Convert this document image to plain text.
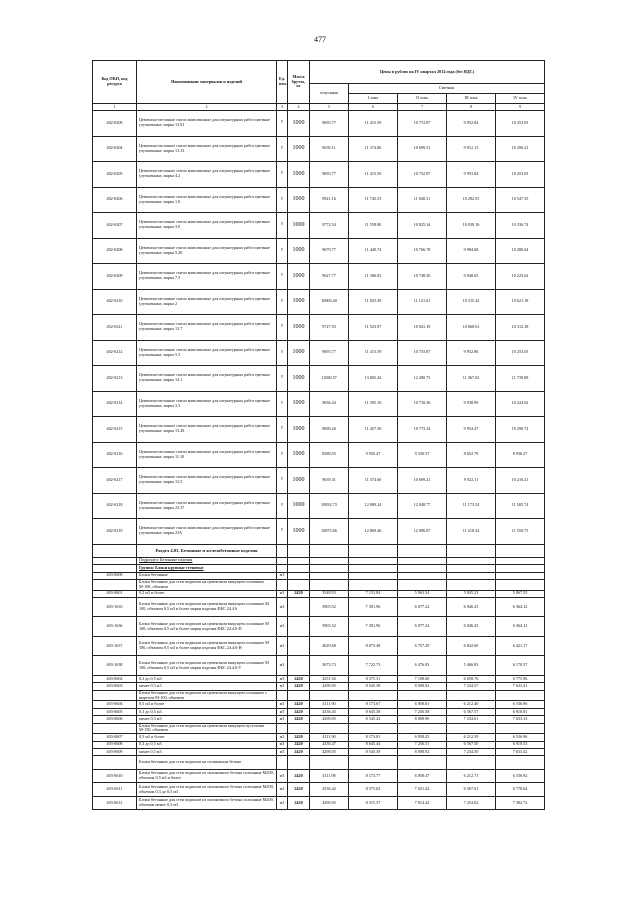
477
Код ОКП, код ресурса	Наименование материалов и изделий	Ед. изм.	Масса брутто, кг	Цены в рублях на IV квартал 2014 года (без НДС)				
				отпускная	Сметная			
					I зона	II зона	III зона	IV зона
1	2	3	4	5	6	7	8	9
402-0200	Цементно-песчаные смеси комплексные для штукатурных работ цветные улучшенные, марка 13.81	т	1000	9693.77	11 415.59	10 772.87	9 952.84	10 253.03
402-0204	Цементно-песчаные смеси комплексные для штукатурных работ цветные улучшенные, марка 13.33	т	1000	9639.11	11 374.86	10 699.51	9 912.13	10 206.21
402-0205	Цементно-песчаные смеси комплексные для штукатурных работ цветные улучшенные, марка 4.2	т	1000	9693.77	11 415.59	10 752.87	9 953.84	10 253.03
402-0206	Цементно-песчаные смеси комплексные для штукатурных работ цветные улучшенные, марка 1.0	т	1000	9921.16	11 745.53	11 040.31	10 282.91	10 547.35
402-0207	Цементно-песчаные смеси комплексные для штукатурных работ цветные улучшенные, марка 3.0	т	1000	9772.54	11 558.80	10 825.34	10 039.16	10 336.74
402-0208	Цементно-песчаные смеси комплексные для штукатурных работ цветные улучшенные, марка 5.20	т	1000	9679.77	11 440.74	10 766.78	9 984.68	10 280.64
402-0209	Цементно-песчаные смеси комплексные для штукатурных работ цветные улучшенные, марка 7.5	т	1000	9627.77	11 386.83	10 748.50	9 948.65	10 225.62
402-0210	Цементно-песчаные смеси комплексные для штукатурных работ цветные улучшенные, марка 2	т	1000	10000.40	11 825.49	11 121.61	10 315.42	10 621.18
402-0211	Цементно-песчаные смеси комплексные для штукатурных работ цветные улучшенные, марка 13.7	т	1000	9727.93	11 523.97	10 841.19	10 068.61	10 312.18
402-0212	Цементно-песчаные смеси комплексные для штукатурных работ цветные улучшенные, марка 5.3	т	1000	9693.77	11 415.59	10 753.87	9 952.86	10 253.03
402-0213	Цементно-песчаные смеси комплексные для штукатурных работ цветные улучшенные, марка 14.1	т	1000	11080.57	13 065.42	12 280.75	11 367.02	11 739.08
402-0214	Цементно-песчаные смеси комплексные для штукатурных работ цветные улучшенные, марка 3.3	т	1000	9636.44	11 395.10	10 718.36	9 938.99	10 224.62
402-0215	Цементно-песчаные смеси комплексные для штукатурных работ цветные улучшенные, марка 13.28	т	1000	9690.26	11 457.56	10 773.34	9 954.47	10 290.72
402-0216	Цементно-песчаные смеси комплексные для штукатурных работ цветные улучшенные, марка 11.10	т	1000	8388.55	9 935.47	9 330.57	8 652.79	8 936.27
402-0217	Цементно-песчаные смеси комплексные для штукатурных работ цветные улучшенные, марка 13.5	т	1000	9639.31	11 374.60	10 699.21	9 922.11	10 216.21
402-0218	Цементно-песчаные смеси комплексные для штукатурных работ цветные улучшенные, марка 23.37	т	1000	10832.73	12 809.24	12 048.77	11 173.54	11 505.74
402-0219	Цементно-песчаные смеси комплексные для штукатурных работ цветные улучшенные, марка 23А	т	1000	10873.66	12 869.46	12 096.87	11 218.34	11 550.75
	Раздел 4.03. Бетонные и железобетонные изделия							
	Подраздел: Бетонные изделия							
	Группа: Блоки крупные стеновые							
403-0600	Блоки бетонные	м3						
	Блоки бетонные для стен подвалов на цементном вяжущем сплошные М-100, объемом							
403-0601	0,5 м3 и более	м3	2420	3548.93	7 131.84	5 963.54	5 845.23	5 867.55
403-1635	Блоки бетонные для стен подвалов на цементном вяжущем сплошные М 100, объемом 0,5 м3 и более марки изделия ФБС 24.4.6	м3		3903.52	7 391.96	6 077.22	6 046.25	6 364.12
403-1636	Блоки бетонные для стен подвалов на цементном вяжущем сплошные М 100, объемом 0,5 м3 и более марки изделия ФБС 24.4.6-П	м3		3903.52	7 391.96	6 077.22	6 046.25	6 364.12
403-1637	Блоки бетонные для стен подвалов на цементном вяжущем сплошные М 100, объемом 0,5 м3 и более марки изделия ФБС 24.4.6-Н	м3		4029.68	8 073.48	6 757.29	6 842.60	6 421.17
403-1638	Блоки бетонные для стен подвалов на цементном вяжущем сплошные М 100, объемом 0,5 м3 и более марки изделия ФБС 24.4.6-Т	м3		3673.73	7 722.73	6 476.93	5 466.83	6 170.37
403-0602	0,3 до 0,5 м3	м3	2420	4251.92	8 375.31	7 108.60	6 658.76	6 775.96
403-0603	менее 0,3 м3	м3	2420	4290.05	8 545.38	8 008.92	7 234.57	7 633.41
	Блоки бетонные для стен подвалов на цементном вяжущем сплошные с вырезом М-100, объемом							
403-0604	0,5 м3 и более	м3	2420	4111.90	8 173.67	6 858.61	6 212.40	6 536.96
403-0605	0,3 до 0,5 м3	м3	2420	4336.45	8 645.38	7 256.58	6 567.57	6 910.81
403-0606	менее 0,3 м3	м3	2420	4290.05	8 545.42	8 008.90	7 234.61	7 633.33
	Блоки бетонные для стен подвалов на цементном вяжущем пустотные М-150, объемом							
403-0607	0,5 м3 и более	м3	2420	4111.90	8 173.81	6 858.25	6 212.59	6 536.96
403-0608	0,3 до 0,5 м3	м3	2420	4336.47	8 645.44	7 256.51	6 567.50	6 910.53
403-0609	менее 0,3 м3	м3	2420	4290.05	8 545.39	8 008.92	7 234.50	7 633.42
	Блоки бетонные для стен подвалов на силикатном бетоне							
403-0610	Блоки бетонные для стен подвалов из силикатного бетона сплошные М200, объемом 0,5 м3 и более	м3	2420	4111.98	8 173.77	6 858.47	6 212.71	6 536.92
403-0611	Блоки бетонные для стен подвалов из силикатного бетона сплошные М200, объемом 0,3 до 0,5 м3	м3	2420	4336.42	8 575.02	7 021.42	6 567.61	6 778.64
403-0612	Блоки бетонные для стен подвалов из силикатного бетона сплошные М200, объемом менее 0,3 м3	м3	2420	4290.05	8 315.37	7 814.42	7 254.62	7 382.72
